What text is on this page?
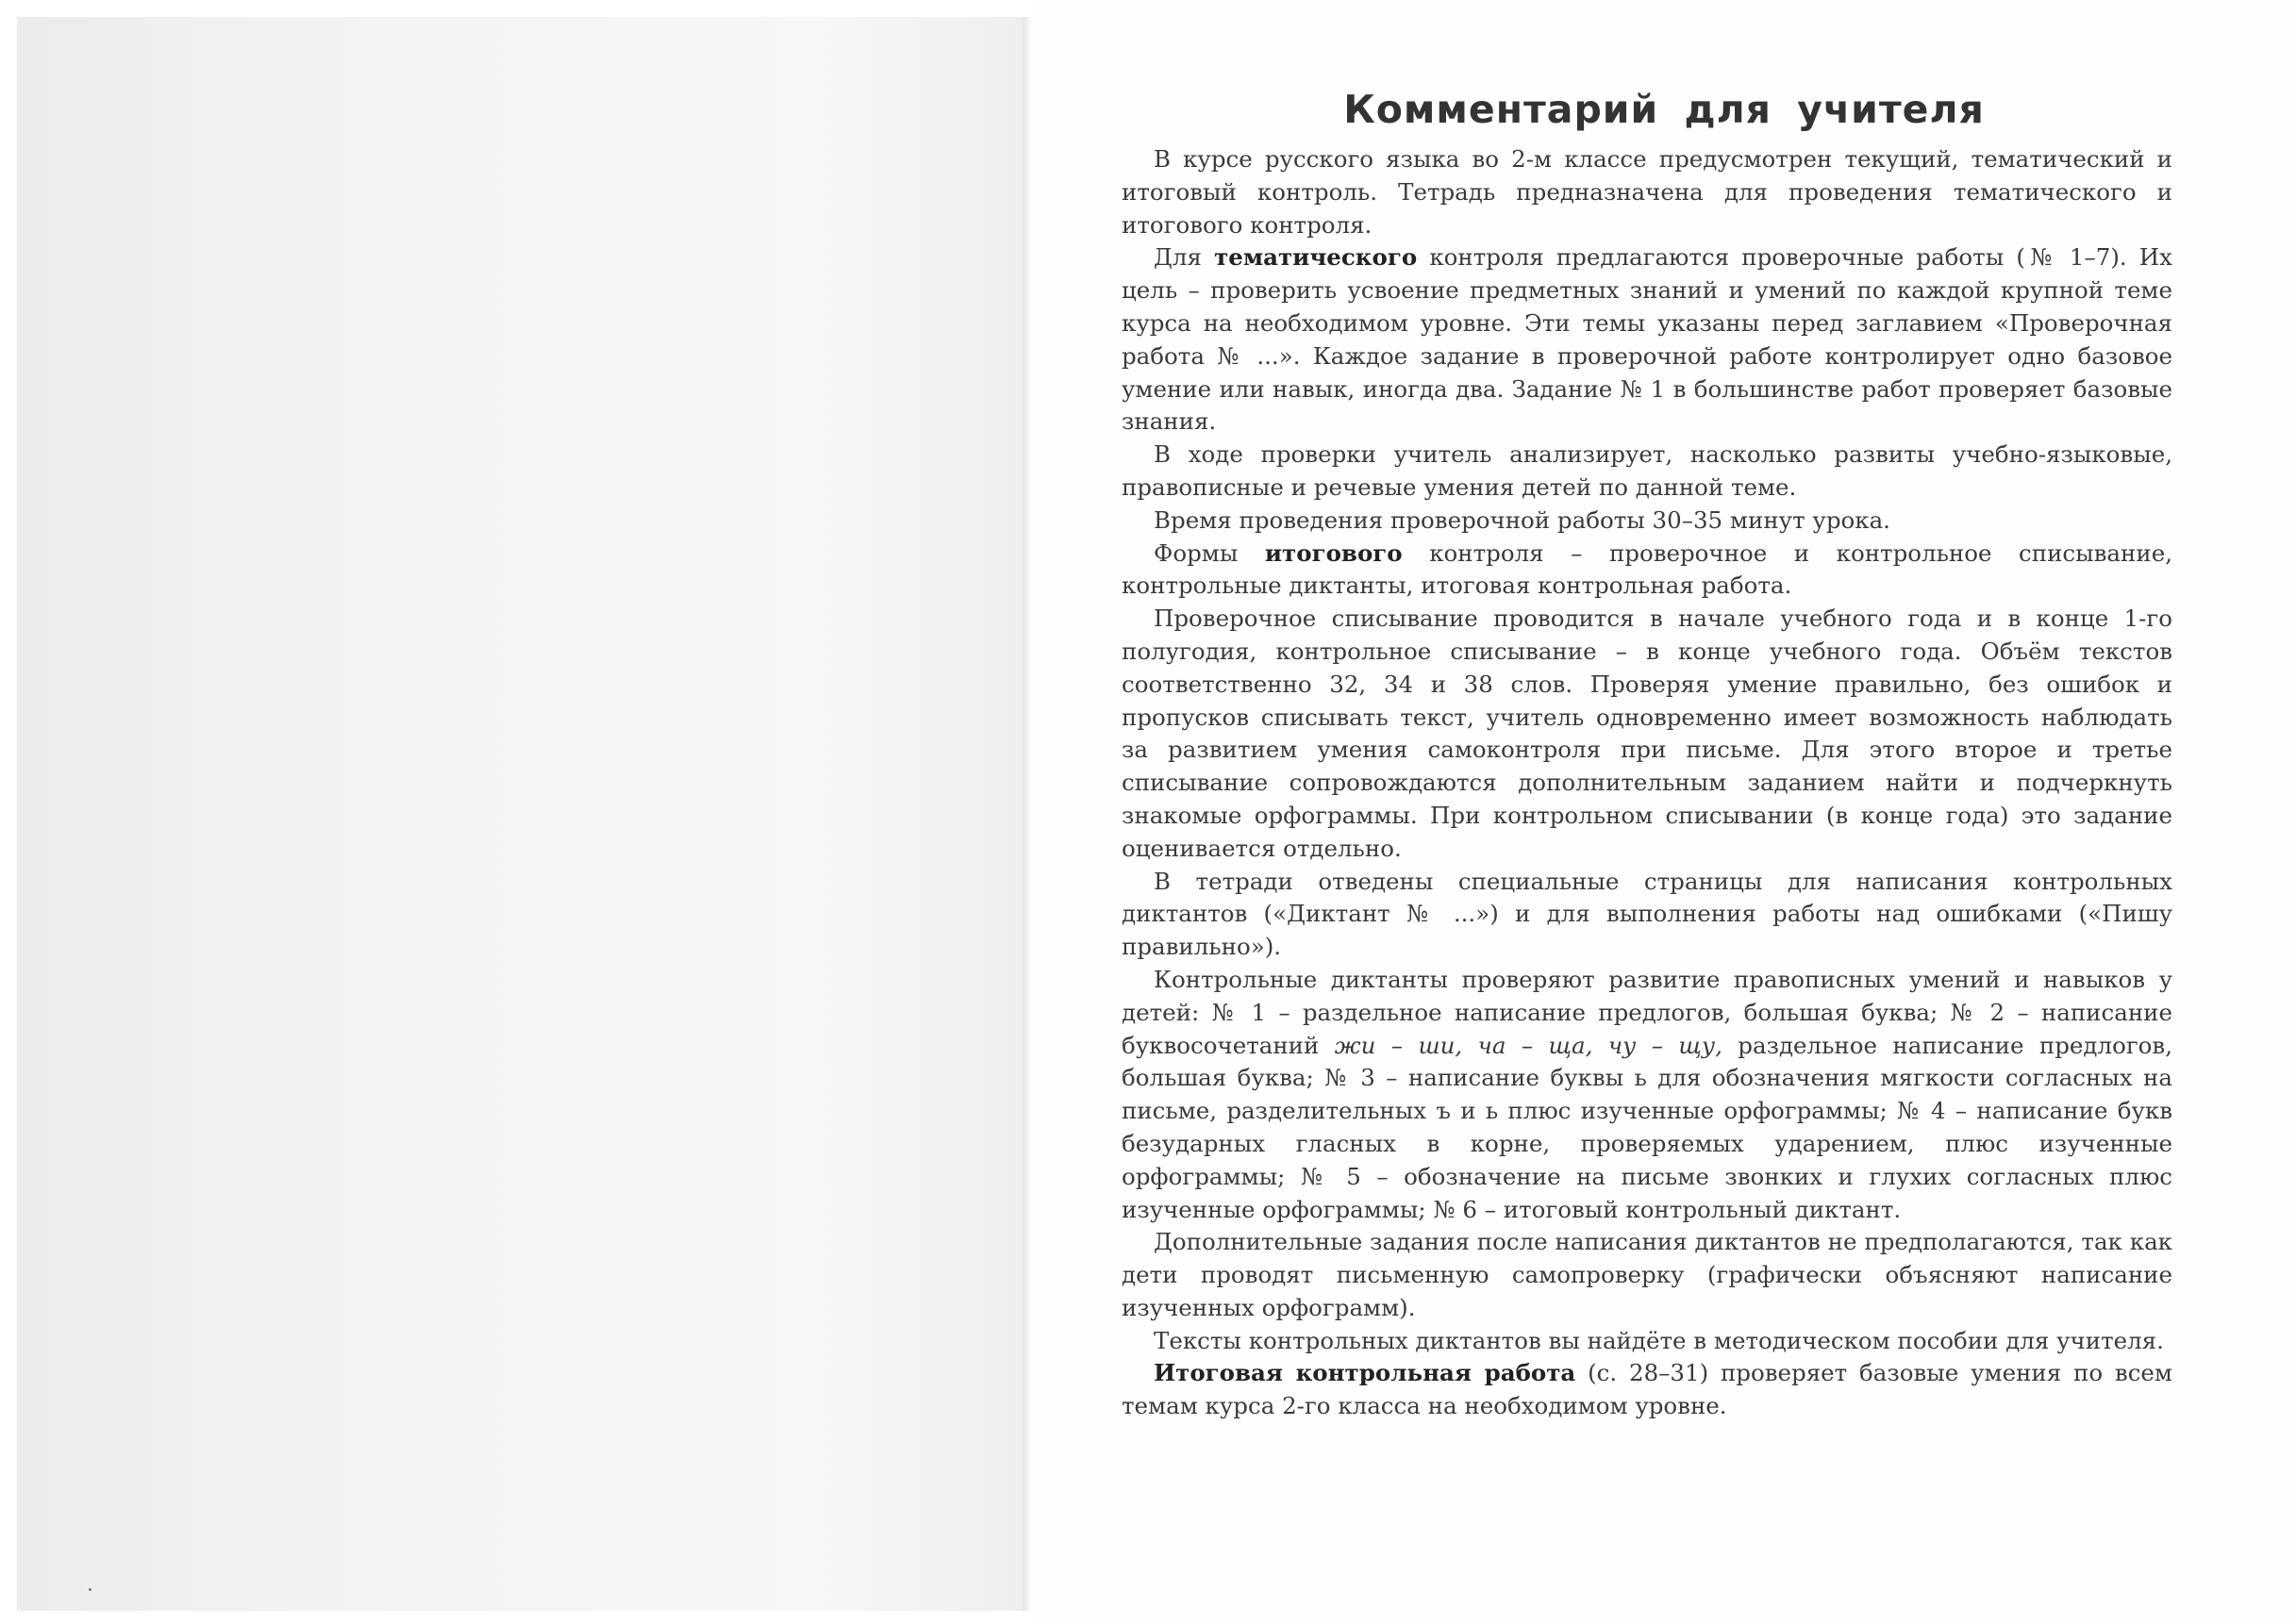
Комментарий для учителя

В курсе русского языка во 2-м классе предусмотрен текущий, тематический и итоговый контроль. Тетрадь предназначена для проведения тематического и итогового контроля.

Для тематического контроля предлагаются проверочные работы (№ 1–7). Их цель – проверить усвоение предметных знаний и умений по каждой крупной теме курса на необходимом уровне. Эти темы указаны перед заглавием «Проверочная работа № ...». Каждое задание в проверочной работе контролирует одно базовое умение или навык, иногда два. Задание № 1 в большинстве работ проверяет базовые знания.

В ходе проверки учитель анализирует, насколько развиты учебно-языковые, правописные и речевые умения детей по данной теме.

Время проведения проверочной работы 30–35 минут урока.

Формы итогового контроля – проверочное и контрольное списывание, контрольные диктанты, итоговая контрольная работа.

Проверочное списывание проводится в начале учебного года и в конце 1-го полугодия, контрольное списывание – в конце учебного года. Объём текстов соответственно 32, 34 и 38 слов. Проверяя умение правильно, без ошибок и пропусков списывать текст, учитель одновременно имеет возможность наблюдать за развитием умения самоконтроля при письме. Для этого второе и третье списывание сопровождаются дополнительным заданием найти и подчеркнуть знакомые орфограммы. При контрольном списывании (в конце года) это задание оценивается отдельно.

В тетради отведены специальные страницы для написания контрольных диктантов («Диктант № ...») и для выполнения работы над ошибками («Пишу правильно»).

Контрольные диктанты проверяют развитие правописных умений и навыков у детей: № 1 – раздельное написание предлогов, большая буква; № 2 – написание буквосочетаний жи – ши, ча – ща, чу – щу, раздельное написание предлогов, большая буква; № 3 – написание буквы ь для обозначения мягкости согласных на письме, разделительных ъ и ь плюс изученные орфограммы; № 4 – написание букв безударных гласных в корне, проверяемых ударением, плюс изученные орфограммы; № 5 – обозначение на письме звонких и глухих согласных плюс изученные орфограммы; № 6 – итоговый контрольный диктант.

Дополнительные задания после написания диктантов не предполагаются, так как дети проводят письменную самопроверку (графически объясняют написание изученных орфограмм).

Тексты контрольных диктантов вы найдёте в методическом пособии для учителя.

Итоговая контрольная работа (с. 28–31) проверяет базовые умения по всем темам курса 2-го класса на необходимом уровне.
